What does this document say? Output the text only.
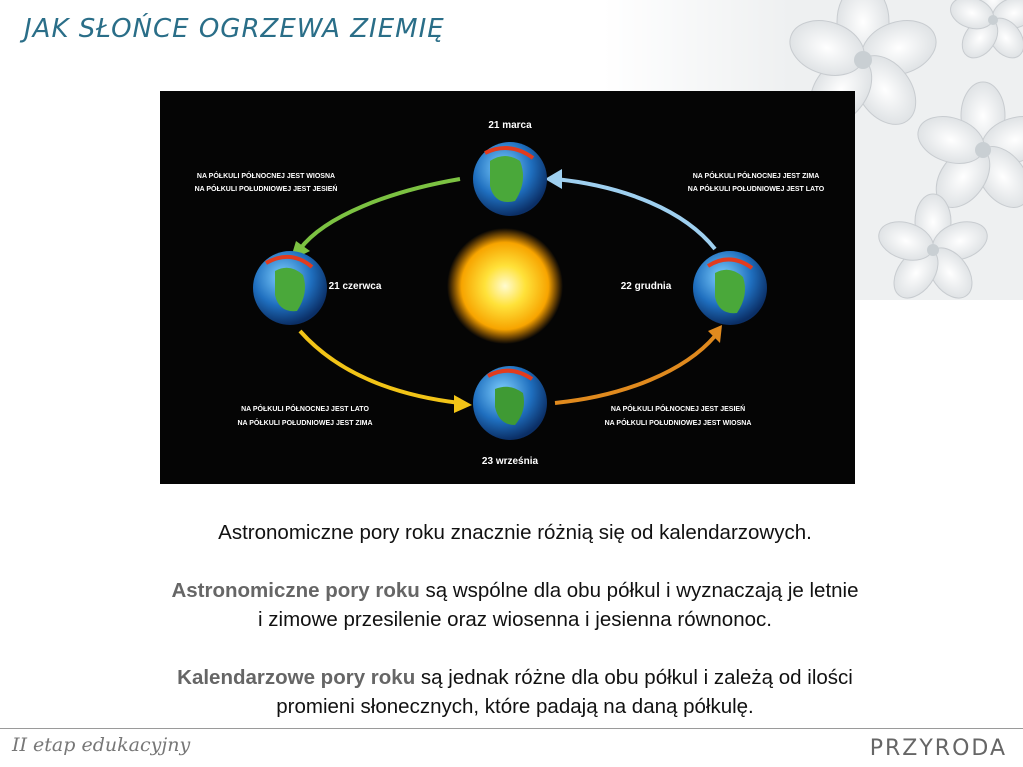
JAK SŁOŃCE OGRZEWA ZIEMIĘ
21 marca
21 czerwca	22 grudnia
23 września
NA PÓŁKULI PÓŁNOCNEJ JEST WIOSNA
NA PÓŁKULI POŁUDNIOWEJ JEST JESIEŃ
NA PÓŁKULI PÓŁNOCNEJ JEST ZIMA
NA PÓŁKULI POŁUDNIOWEJ JEST LATO
NA PÓŁKULI PÓŁNOCNEJ JEST LATO
NA PÓŁKULI POŁUDNIOWEJ JEST ZIMA
NA PÓŁKULI PÓŁNOCNEJ JEST JESIEŃ
NA PÓŁKULI POŁUDNIOWEJ JEST WIOSNA

Astronomiczne pory roku znacznie różnią się od kalendarzowych.

Astronomiczne pory roku są wspólne dla obu półkul i wyznaczają je letnie
i zimowe przesilenie oraz wiosenna i jesienna równonoc.

Kalendarzowe pory roku są jednak różne dla obu półkul i zależą od ilości
promieni słonecznych, które padają na daną półkulę.

II etap edukacyjny	PRZYRODA
